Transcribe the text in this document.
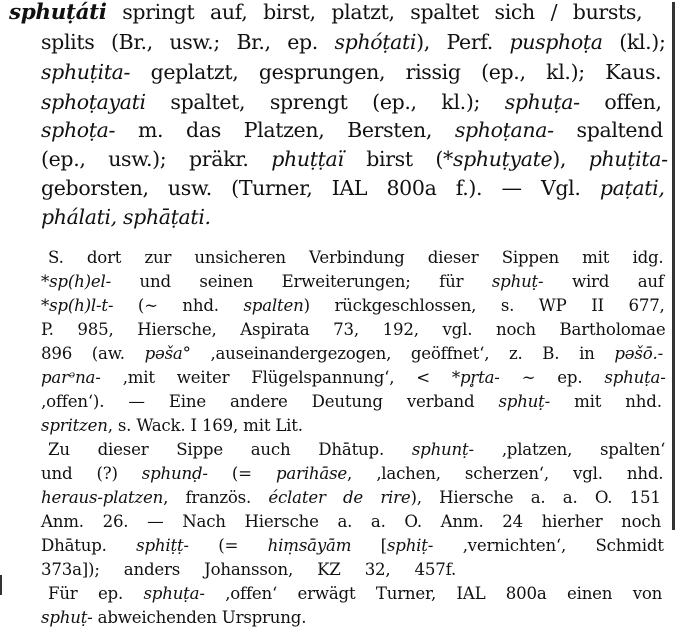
sphuṭáti springt auf, birst, platzt, spaltet sich / bursts,
splits (Br., usw.; Br., ep. sphóṭati), Perf. pusphoṭa (kl.);
sphuṭita- geplatzt, gesprungen, rissig (ep., kl.); Kaus.
sphoṭayati spaltet, sprengt (ep., kl.); sphuṭa- offen,
sphoṭa- m. das Platzen, Bersten, sphoṭana- spaltend
(ep., usw.); präkr. phuṭṭaï birst (*sphuṭyate), phuṭita-
geborsten, usw. (Turner, IAL 800a f.). — Vgl. paṭati,
phálati, sphāṭati.
S. dort zur unsicheren Verbindung dieser Sippen mit idg.
*sp(h)el- und seinen Erweiterungen; für sphuṭ- wird auf
*sp(h)l-t- (∼ nhd. spalten) rückgeschlossen, s. WP II 677,
P. 985, Hiersche, Aspirata 73, 192, vgl. noch Bartholomae
896 (aw. pəša° ‚auseinandergezogen, geöffnet‘, z. B. in pəšō.-
parᵊna- ‚mit weiter Flügelspannung‘, < *pr̥ta- ∼ ep. sphuṭa-
‚offen‘). — Eine andere Deutung verband sphuṭ- mit nhd.
spritzen, s. Wack. I 169, mit Lit.
Zu dieser Sippe auch Dhātup. sphunṭ- ‚platzen, spalten‘
und (?) sphunḍ- (= parihāse, ‚lachen, scherzen‘, vgl. nhd.
heraus-platzen, französ. éclater de rire), Hiersche a. a. O. 151
Anm. 26. — Nach Hiersche a. a. O. Anm. 24 hierher noch
Dhātup. sphiṭṭ- (= hiṃsāyām [sphiṭ- ‚vernichten‘, Schmidt
373a]); anders Johansson, KZ 32, 457f.
Für ep. sphuṭa- ‚offen‘ erwägt Turner, IAL 800a einen von
sphuṭ- abweichenden Ursprung.
